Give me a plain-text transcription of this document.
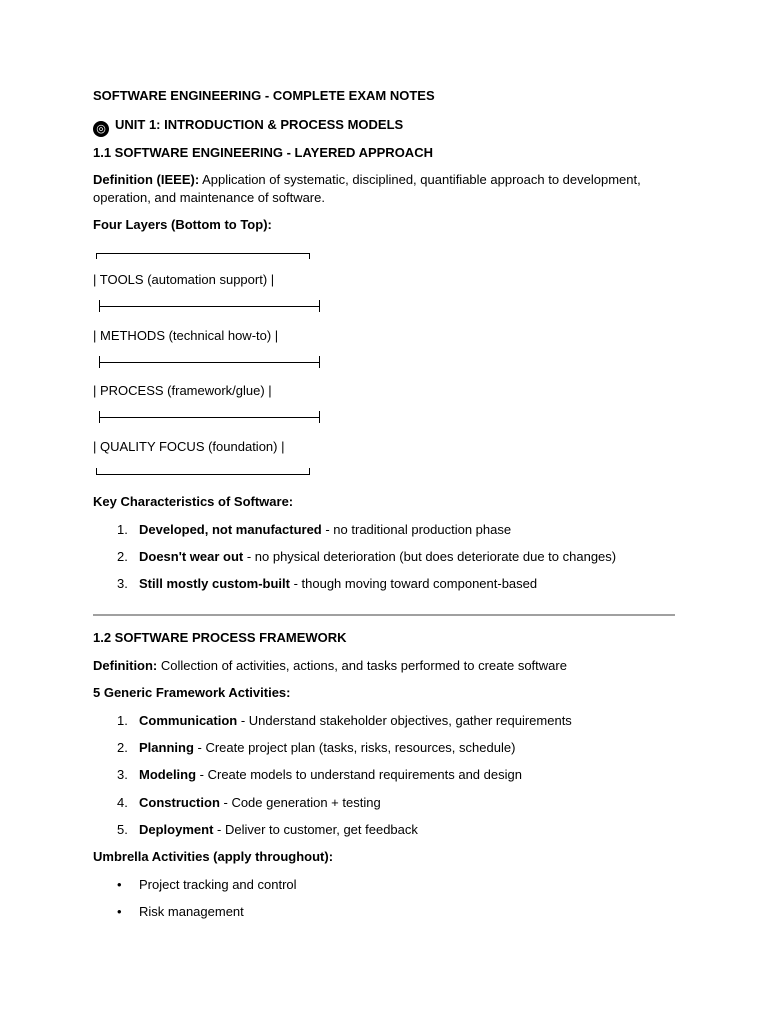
SOFTWARE ENGINEERING - COMPLETE EXAM NOTES
◎ UNIT 1: INTRODUCTION & PROCESS MODELS
1.1 SOFTWARE ENGINEERING - LAYERED APPROACH
Definition (IEEE): Application of systematic, disciplined, quantifiable approach to development,
operation, and maintenance of software.
Four Layers (Bottom to Top):
| TOOLS (automation support) |
| METHODS (technical how-to) |
| PROCESS (framework/glue) |
| QUALITY FOCUS (foundation) |
Key Characteristics of Software:
1. Developed, not manufactured - no traditional production phase
2. Doesn't wear out - no physical deterioration (but does deteriorate due to changes)
3. Still mostly custom-built - though moving toward component-based
1.2 SOFTWARE PROCESS FRAMEWORK
Definition: Collection of activities, actions, and tasks performed to create software
5 Generic Framework Activities:
1. Communication - Understand stakeholder objectives, gather requirements
2. Planning - Create project plan (tasks, risks, resources, schedule)
3. Modeling - Create models to understand requirements and design
4. Construction - Code generation + testing
5. Deployment - Deliver to customer, get feedback
Umbrella Activities (apply throughout):
• Project tracking and control
• Risk management
